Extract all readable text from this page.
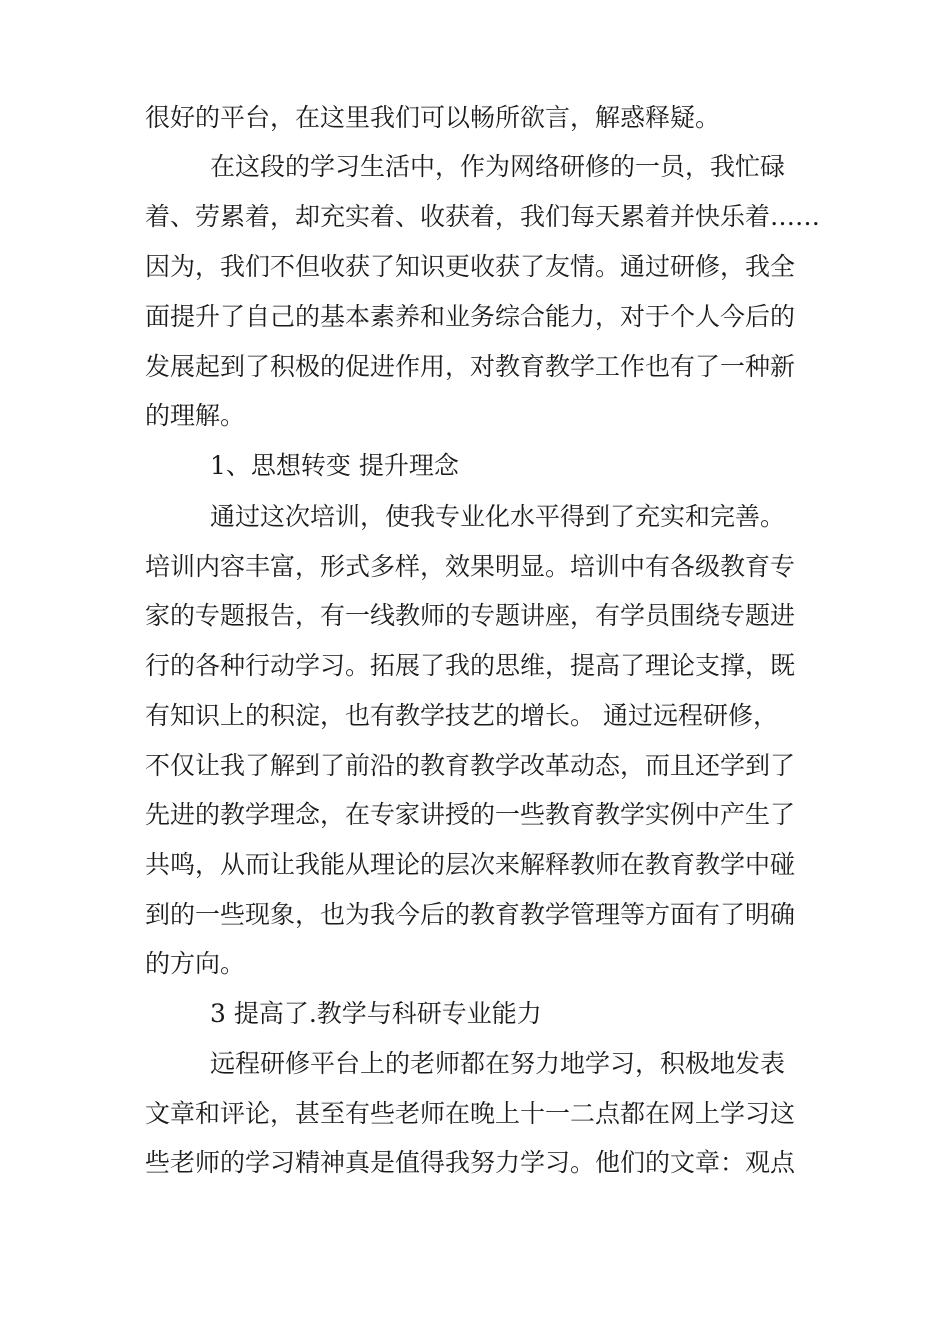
很好的平台，在这里我们可以畅所欲言，解惑释疑。
在这段的学习生活中，作为网络研修的一员，我忙碌
着、劳累着，却充实着、收获着，我们每天累着并快乐着……
因为，我们不但收获了知识更收获了友情。通过研修，我全
面提升了自己的基本素养和业务综合能力，对于个人今后的
发展起到了积极的促进作用，对教育教学工作也有了一种新
的理解。
1、思想转变 提升理念
通过这次培训，使我专业化水平得到了充实和完善。
培训内容丰富，形式多样，效果明显。培训中有各级教育专
家的专题报告，有一线教师的专题讲座，有学员围绕专题进
行的各种行动学习。拓展了我的思维，提高了理论支撑，既
有知识上的积淀，也有教学技艺的增长。 通过远程研修，
不仅让我了解到了前沿的教育教学改革动态，而且还学到了
先进的教学理念，在专家讲授的一些教育教学实例中产生了
共鸣，从而让我能从理论的层次来解释教师在教育教学中碰
到的一些现象，也为我今后的教育教学管理等方面有了明确
的方向。
3 提高了.教学与科研专业能力
远程研修平台上的老师都在努力地学习，积极地发表
文章和评论，甚至有些老师在晚上十一二点都在网上学习这
些老师的学习精神真是值得我努力学习。他们的文章：观点
